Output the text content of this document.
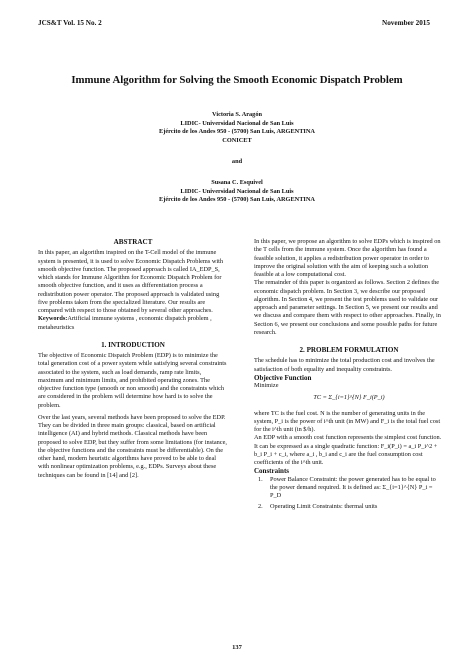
JCS&T Vol. 15 No. 2	November 2015
Immune Algorithm for Solving the Smooth Economic Dispatch Problem
Victoria S. Aragón
LIDIC- Universidad Nacional de San Luis
Ejército de los Andes 950 - (5700) San Luis, ARGENTINA
CONICET
and
Susana C. Esquivel
LIDIC- Universidad Nacional de San Luis
Ejército de los Andes 950 - (5700) San Luis, ARGENTINA
ABSTRACT

In this paper, an algorithm inspired on the T-Cell model of the immune system is presented, it is used to solve Economic Dispatch Problems with smooth objective function. The proposed approach is called IA_EDP_S, which stands for Immune Algorithm for Economic Dispatch Problem for smooth objective function, and it uses as differentiation process a redistribution power operator. The proposed approach is validated using five problems taken from the specialized literature. Our results are compared with respect to those obtained by several other approaches.

Keywords:Artificial immune systems , economic dispatch problem , metaheuristics

1. INTRODUCTION

The objective of Economic Dispatch Problem (EDP) is to minimize the total generation cost of a power system while satisfying several constraints associated to the system, such as load demands, ramp rate limits, maximum and minimum limits, and prohibited operating zones. The objective function type (smooth or non smooth) and the constraints which are considered in the problem will determine how hard is to solve the problem.

Over the last years, several methods have been proposed to solve the EDP. They can be divided in three main groups: classical, based on artificial intelligence (AI) and hybrid methods. Classical methods have been proposed to solve EDP, but they suffer from some limitations (for instance, the objective functions and the constraints must be differentiable). On the other hand, modern heuristic algorithms have proved to be able to deal with nonlinear optimization problems, e.g., EDPs. Surveys about these techniques can be found in [14] and [2].

In this paper, we propose an algorithm to solve EDPs which is inspired on the T cells from the immune system. Once the algorithm has found a feasible solution, it applies a redistribution power operator in order to improve the original solution with the aim of keeping such a solution feasible at a low computational cost.

The remainder of this paper is organized as follows. Section 2 defines the economic dispatch problem. In Section 3, we describe our proposed algorithm. In Section 4, we present the test problems used to validate our approach and parameter settings. In Section 5, we present our results and we discuss and compare them with respect to other approaches. Finally, in Section 6, we present our conclusions and some possible paths for future research.

2. PROBLEM FORMULATION

The schedule has to minimize the total production cost and involves the satisfaction of both equality and inequality constraints.

Objective Function

Minimize

TC = Σ_{i=1}^{N} F_i(P_i)

where TC is the fuel cost. N is the number of generating units in the system, P_i is the power of i^th unit (in MW) and F_i is the total fuel cost for the i^th unit (in $/h).

An EDP with a smooth cost function represents the simplest cost function. It can be expressed as a single quadratic function: F_i(P_i) = a_i P_i^2 + b_i P_i + c_i, where a_i , b_i and c_i are the fuel consumption cost coefficients of the i^th unit.

Constraints
1.	Power Balance Constraint: the power generated has to be equal to the power demand required. It is defined as: Σ_{i=1}^{N} P_i = P_D
2.	Operating Limit Constraints: thermal units
137
